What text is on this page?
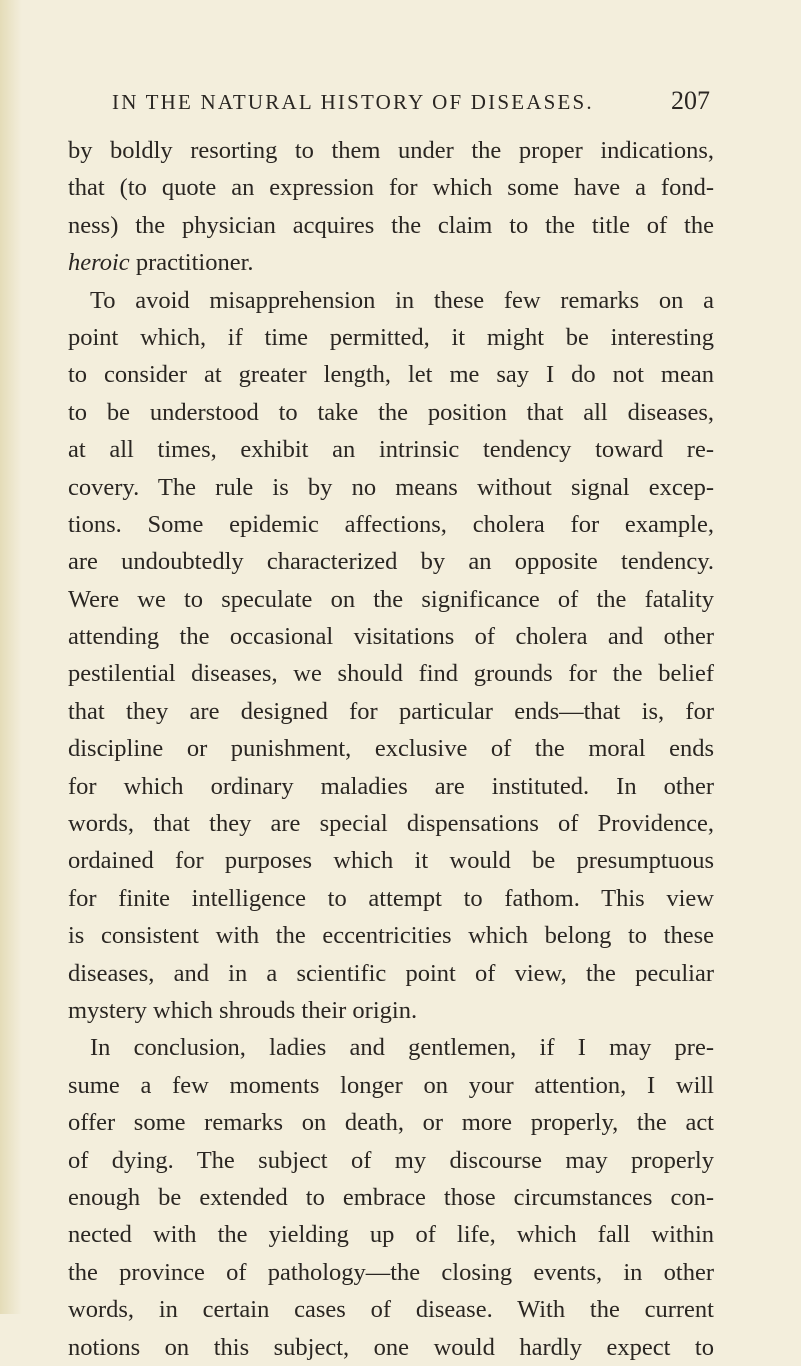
IN THE NATURAL HISTORY OF DISEASES.	207
by boldly resorting to them under the proper indications,
that (to quote an expression for which some have a fond-
ness) the physician acquires the claim to the title of the
heroic practitioner.
To avoid misapprehension in these few remarks on a
point which, if time permitted, it might be interesting
to consider at greater length, let me say I do not mean
to be understood to take the position that all diseases,
at all times, exhibit an intrinsic tendency toward re-
covery. The rule is by no means without signal excep-
tions. Some epidemic affections, cholera for example,
are undoubtedly characterized by an opposite tendency.
Were we to speculate on the significance of the fatality
attending the occasional visitations of cholera and other
pestilential diseases, we should find grounds for the belief
that they are designed for particular ends—that is, for
discipline or punishment, exclusive of the moral ends
for which ordinary maladies are instituted. In other
words, that they are special dispensations of Providence,
ordained for purposes which it would be presumptuous
for finite intelligence to attempt to fathom. This view
is consistent with the eccentricities which belong to these
diseases, and in a scientific point of view, the peculiar
mystery which shrouds their origin.
In conclusion, ladies and gentlemen, if I may pre-
sume a few moments longer on your attention, I will
offer some remarks on death, or more properly, the act
of dying. The subject of my discourse may properly
enough be extended to embrace those circumstances con-
nected with the yielding up of life, which fall within
the province of pathology—the closing events, in other
words, in certain cases of disease. With the current
notions on this subject, one would hardly expect to
